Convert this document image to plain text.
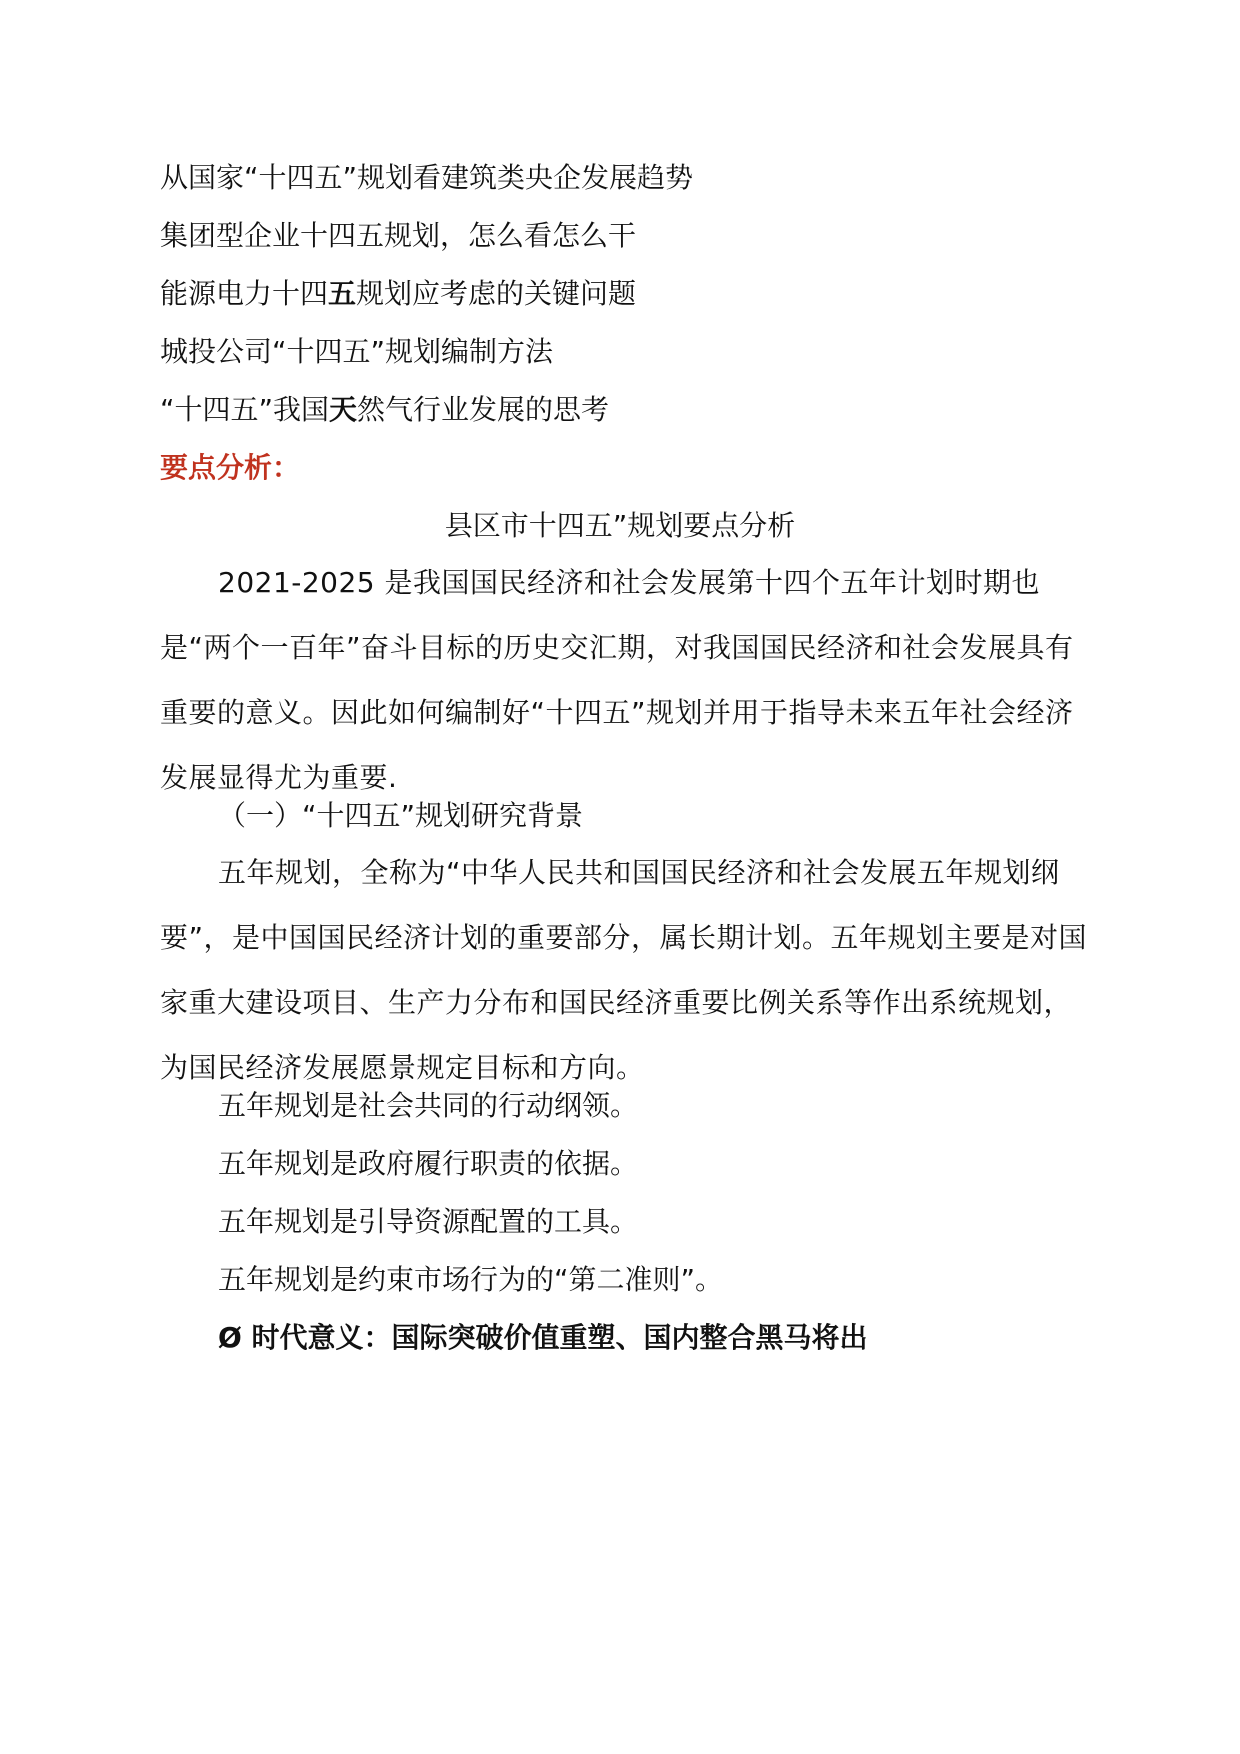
从国家“十四五”规划看建筑类央企发展趋势
集团型企业十四五规划，怎么看怎么干
能源电力十四五规划应考虑的关键问题
城投公司“十四五”规划编制方法
“十四五”我国天然气行业发展的思考
要点分析：
县区市十四五”规划要点分析
2021-2025 是我国国民经济和社会发展第十四个五年计划时期也是“两个一百年”奋斗目标的历史交汇期，对我国国民经济和社会发展具有重要的意义。因此如何编制好“十四五”规划并用于指导未来五年社会经济发展显得尤为重要.
（一）“十四五”规划研究背景
五年规划，全称为“中华人民共和国国民经济和社会发展五年规划纲要”，是中国国民经济计划的重要部分，属长期计划。五年规划主要是对国家重大建设项目、生产力分布和国民经济重要比例关系等作出系统规划，为国民经济发展愿景规定目标和方向。
五年规划是社会共同的行动纲领。
五年规划是政府履行职责的依据。
五年规划是引导资源配置的工具。
五年规划是约束市场行为的“第二准则”。
Ø 时代意义：国际突破价值重塑、国内整合黑马将出
